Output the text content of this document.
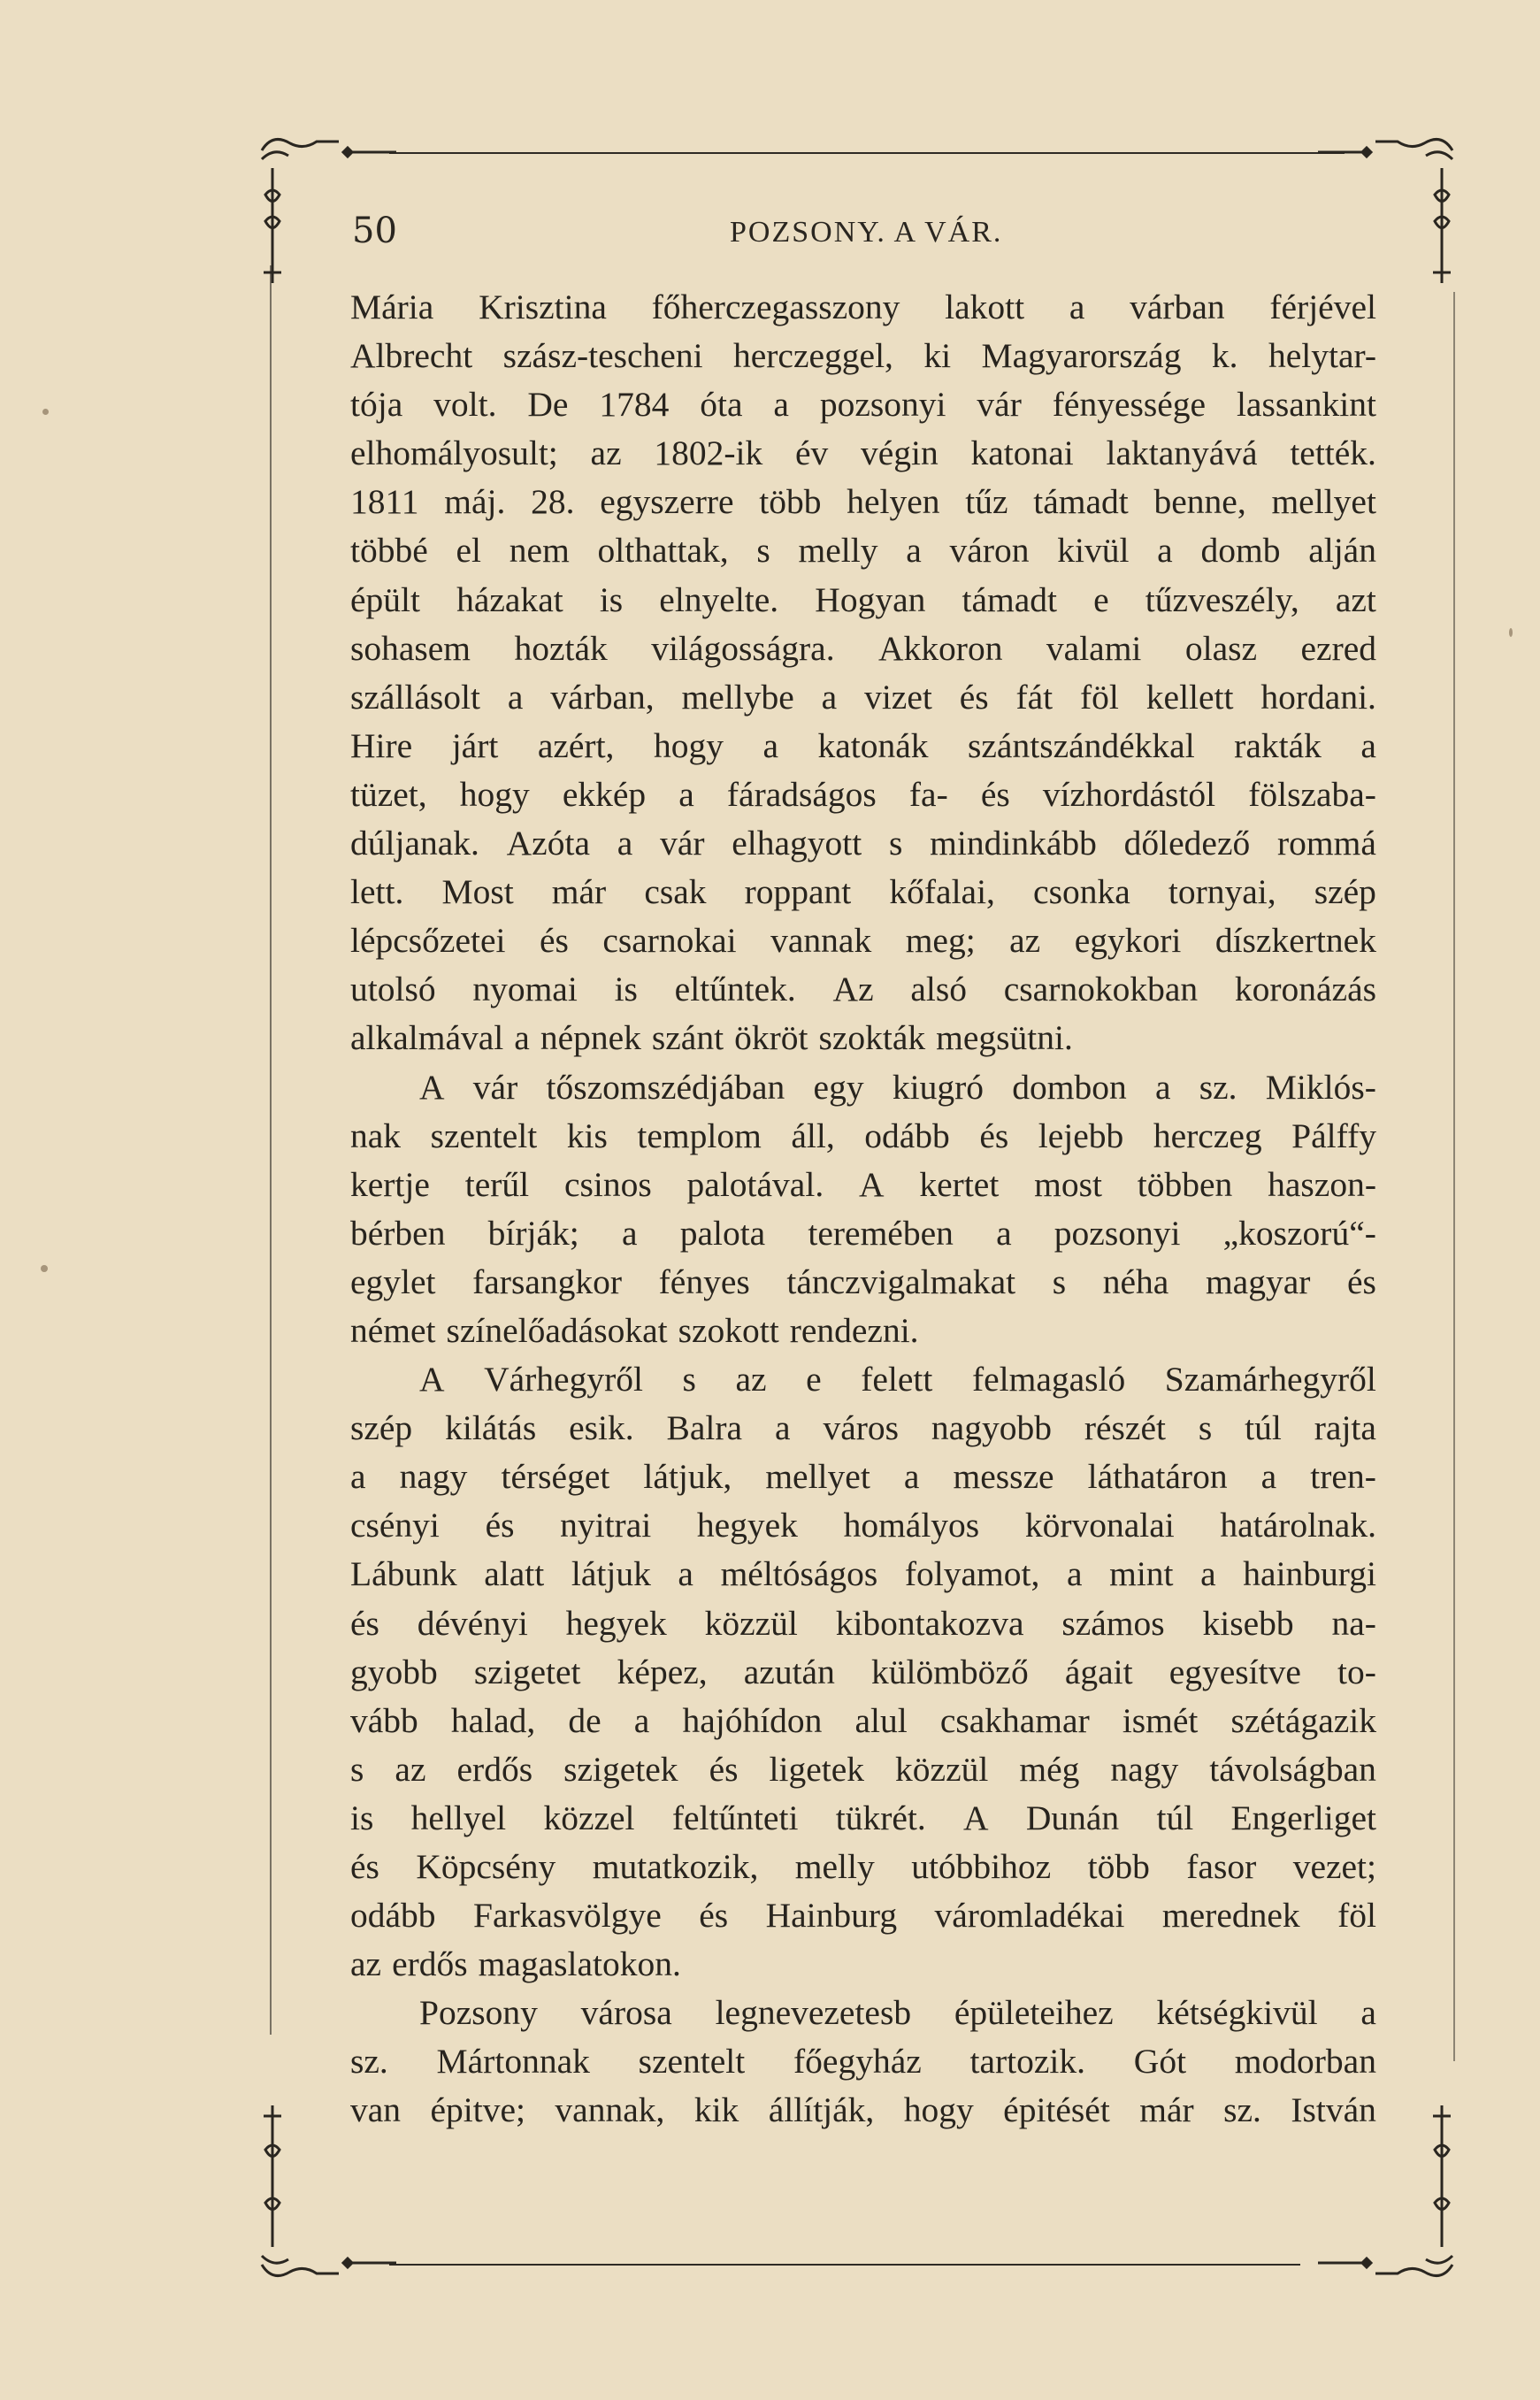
50	POZSONY. A VÁR.
Mária Krisztina főherczegasszony lakott a várban férjével
Albrecht szász-tescheni herczeggel, ki Magyarország k. helytar-
tója volt. De 1784 óta a pozsonyi vár fényessége lassankint
elhomályosult; az 1802-ik év végin katonai laktanyává tették.
1811 máj. 28. egyszerre több helyen tűz támadt benne, mellyet
többé el nem olthattak, s melly a váron kivül a domb alján
épült házakat is elnyelte. Hogyan támadt e tűzveszély, azt
sohasem hozták világosságra. Akkoron valami olasz ezred
szállásolt a várban, mellybe a vizet és fát föl kellett hordani.
Hire járt azért, hogy a katonák szántszándékkal rakták a
tüzet, hogy ekkép a fáradságos fa- és vízhordástól fölszaba-
dúljanak. Azóta a vár elhagyott s mindinkább dőledező rommá
lett. Most már csak roppant kőfalai, csonka tornyai, szép
lépcsőzetei és csarnokai vannak meg; az egykori díszkertnek
utolsó nyomai is eltűntek. Az alsó csarnokokban koronázás
alkalmával a népnek szánt ökröt szokták megsütni.
A vár tőszomszédjában egy kiugró dombon a sz. Miklós-
nak szentelt kis templom áll, odább és lejebb herczeg Pálffy
kertje terűl csinos palotával. A kertet most többen haszon-
bérben bírják; a palota teremében a pozsonyi „koszorú“-
egylet farsangkor fényes tánczvigalmakat s néha magyar és
német színelőadásokat szokott rendezni.
A Várhegyről s az e felett felmagasló Szamárhegyről
szép kilátás esik. Balra a város nagyobb részét s túl rajta
a nagy térséget látjuk, mellyet a messze láthatáron a tren-
csényi és nyitrai hegyek homályos körvonalai határolnak.
Lábunk alatt látjuk a méltóságos folyamot, a mint a hainburgi
és dévényi hegyek közzül kibontakozva számos kisebb na-
gyobb szigetet képez, azután külömböző ágait egyesítve to-
vább halad, de a hajóhídon alul csakhamar ismét szétágazik
s az erdős szigetek és ligetek közzül még nagy távolságban
is hellyel közzel feltűnteti tükrét. A Dunán túl Engerliget
és Köpcsény mutatkozik, melly utóbbihoz több fasor vezet;
odább Farkasvölgye és Hainburg váromladékai merednek föl
az erdős magaslatokon.
Pozsony városa legnevezetesb épületeihez kétségkivül a
sz. Mártonnak szentelt főegyház tartozik. Gót modorban
van épitve; vannak, kik állítják, hogy épitését már sz. István
